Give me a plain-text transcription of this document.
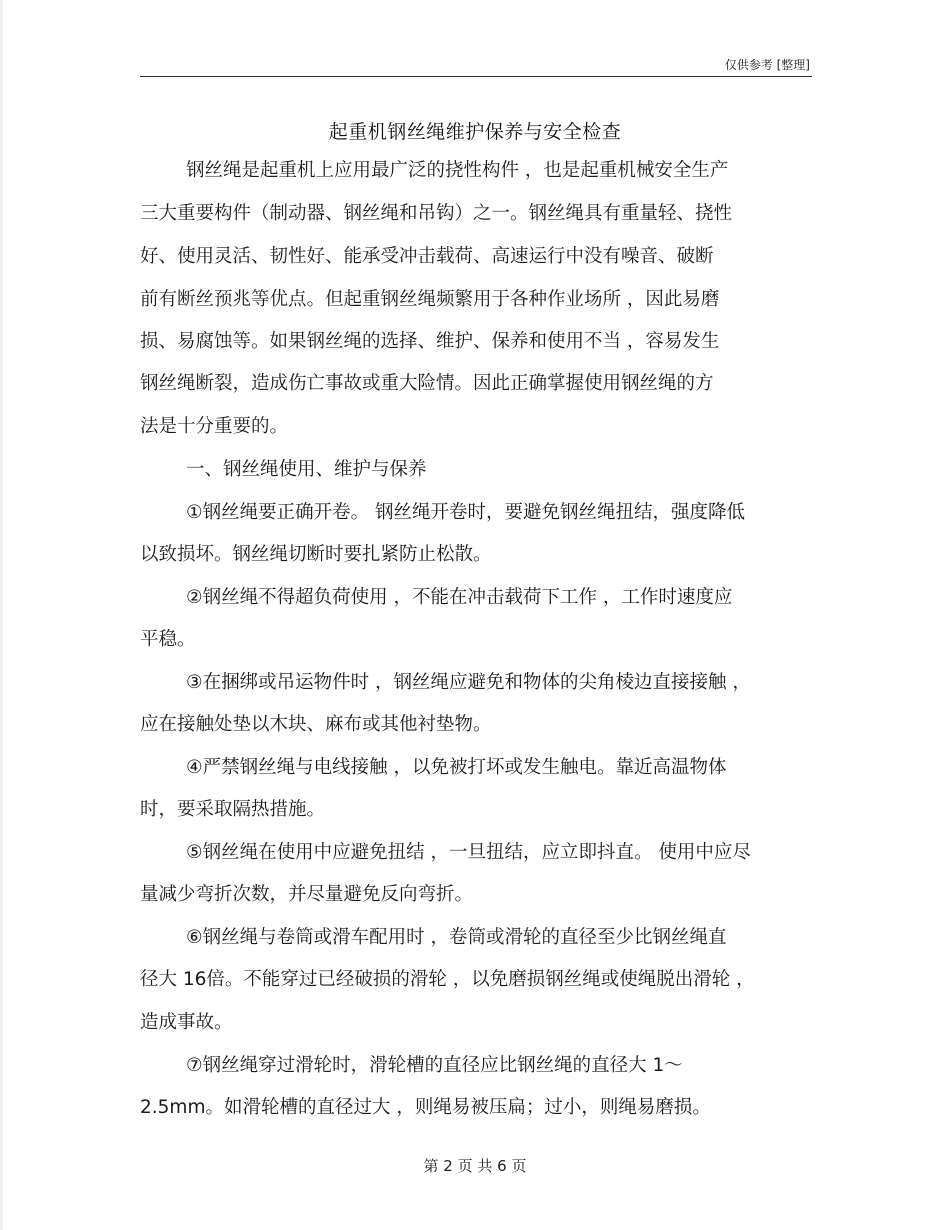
仅供参考 [整理]
起重机钢丝绳维护保养与安全检查
钢丝绳是起重机上应用最广泛的挠性构件 ，也是起重机械安全生产
三大重要构件（制动器、钢丝绳和吊钩）之一。钢丝绳具有重量轻、挠性
好、使用灵活、韧性好、能承受冲击载荷、高速运行中没有噪音、破断
前有断丝预兆等优点。但起重钢丝绳频繁用于各种作业场所 ，因此易磨
损、易腐蚀等。如果钢丝绳的选择、维护、保养和使用不当 ，容易发生
钢丝绳断裂，造成伤亡事故或重大险情。因此正确掌握使用钢丝绳的方
法是十分重要的。
一、钢丝绳使用、维护与保养
①钢丝绳要正确开卷。 钢丝绳开卷时，要避免钢丝绳扭结，强度降低
以致损坏。钢丝绳切断时要扎紧防止松散。
②钢丝绳不得超负荷使用 ，不能在冲击载荷下工作 ，工作时速度应
平稳。
③在捆绑或吊运物件时 ，钢丝绳应避免和物体的尖角棱边直接接触 ，
应在接触处垫以木块、麻布或其他衬垫物。
④严禁钢丝绳与电线接触 ，以免被打坏或发生触电。靠近高温物体
时，要采取隔热措施。
⑤钢丝绳在使用中应避免扭结 ，一旦扭结，应立即抖直。 使用中应尽
量减少弯折次数，并尽量避免反向弯折。
⑥钢丝绳与卷筒或滑车配用时 ，卷筒或滑轮的直径至少比钢丝绳直
径大 16倍。不能穿过已经破损的滑轮 ，以免磨损钢丝绳或使绳脱出滑轮 ，
造成事故。
⑦钢丝绳穿过滑轮时，滑轮槽的直径应比钢丝绳的直径大 1～
2.5mm。如滑轮槽的直径过大 ，则绳易被压扁；过小，则绳易磨损。
第 2 页 共 6 页
